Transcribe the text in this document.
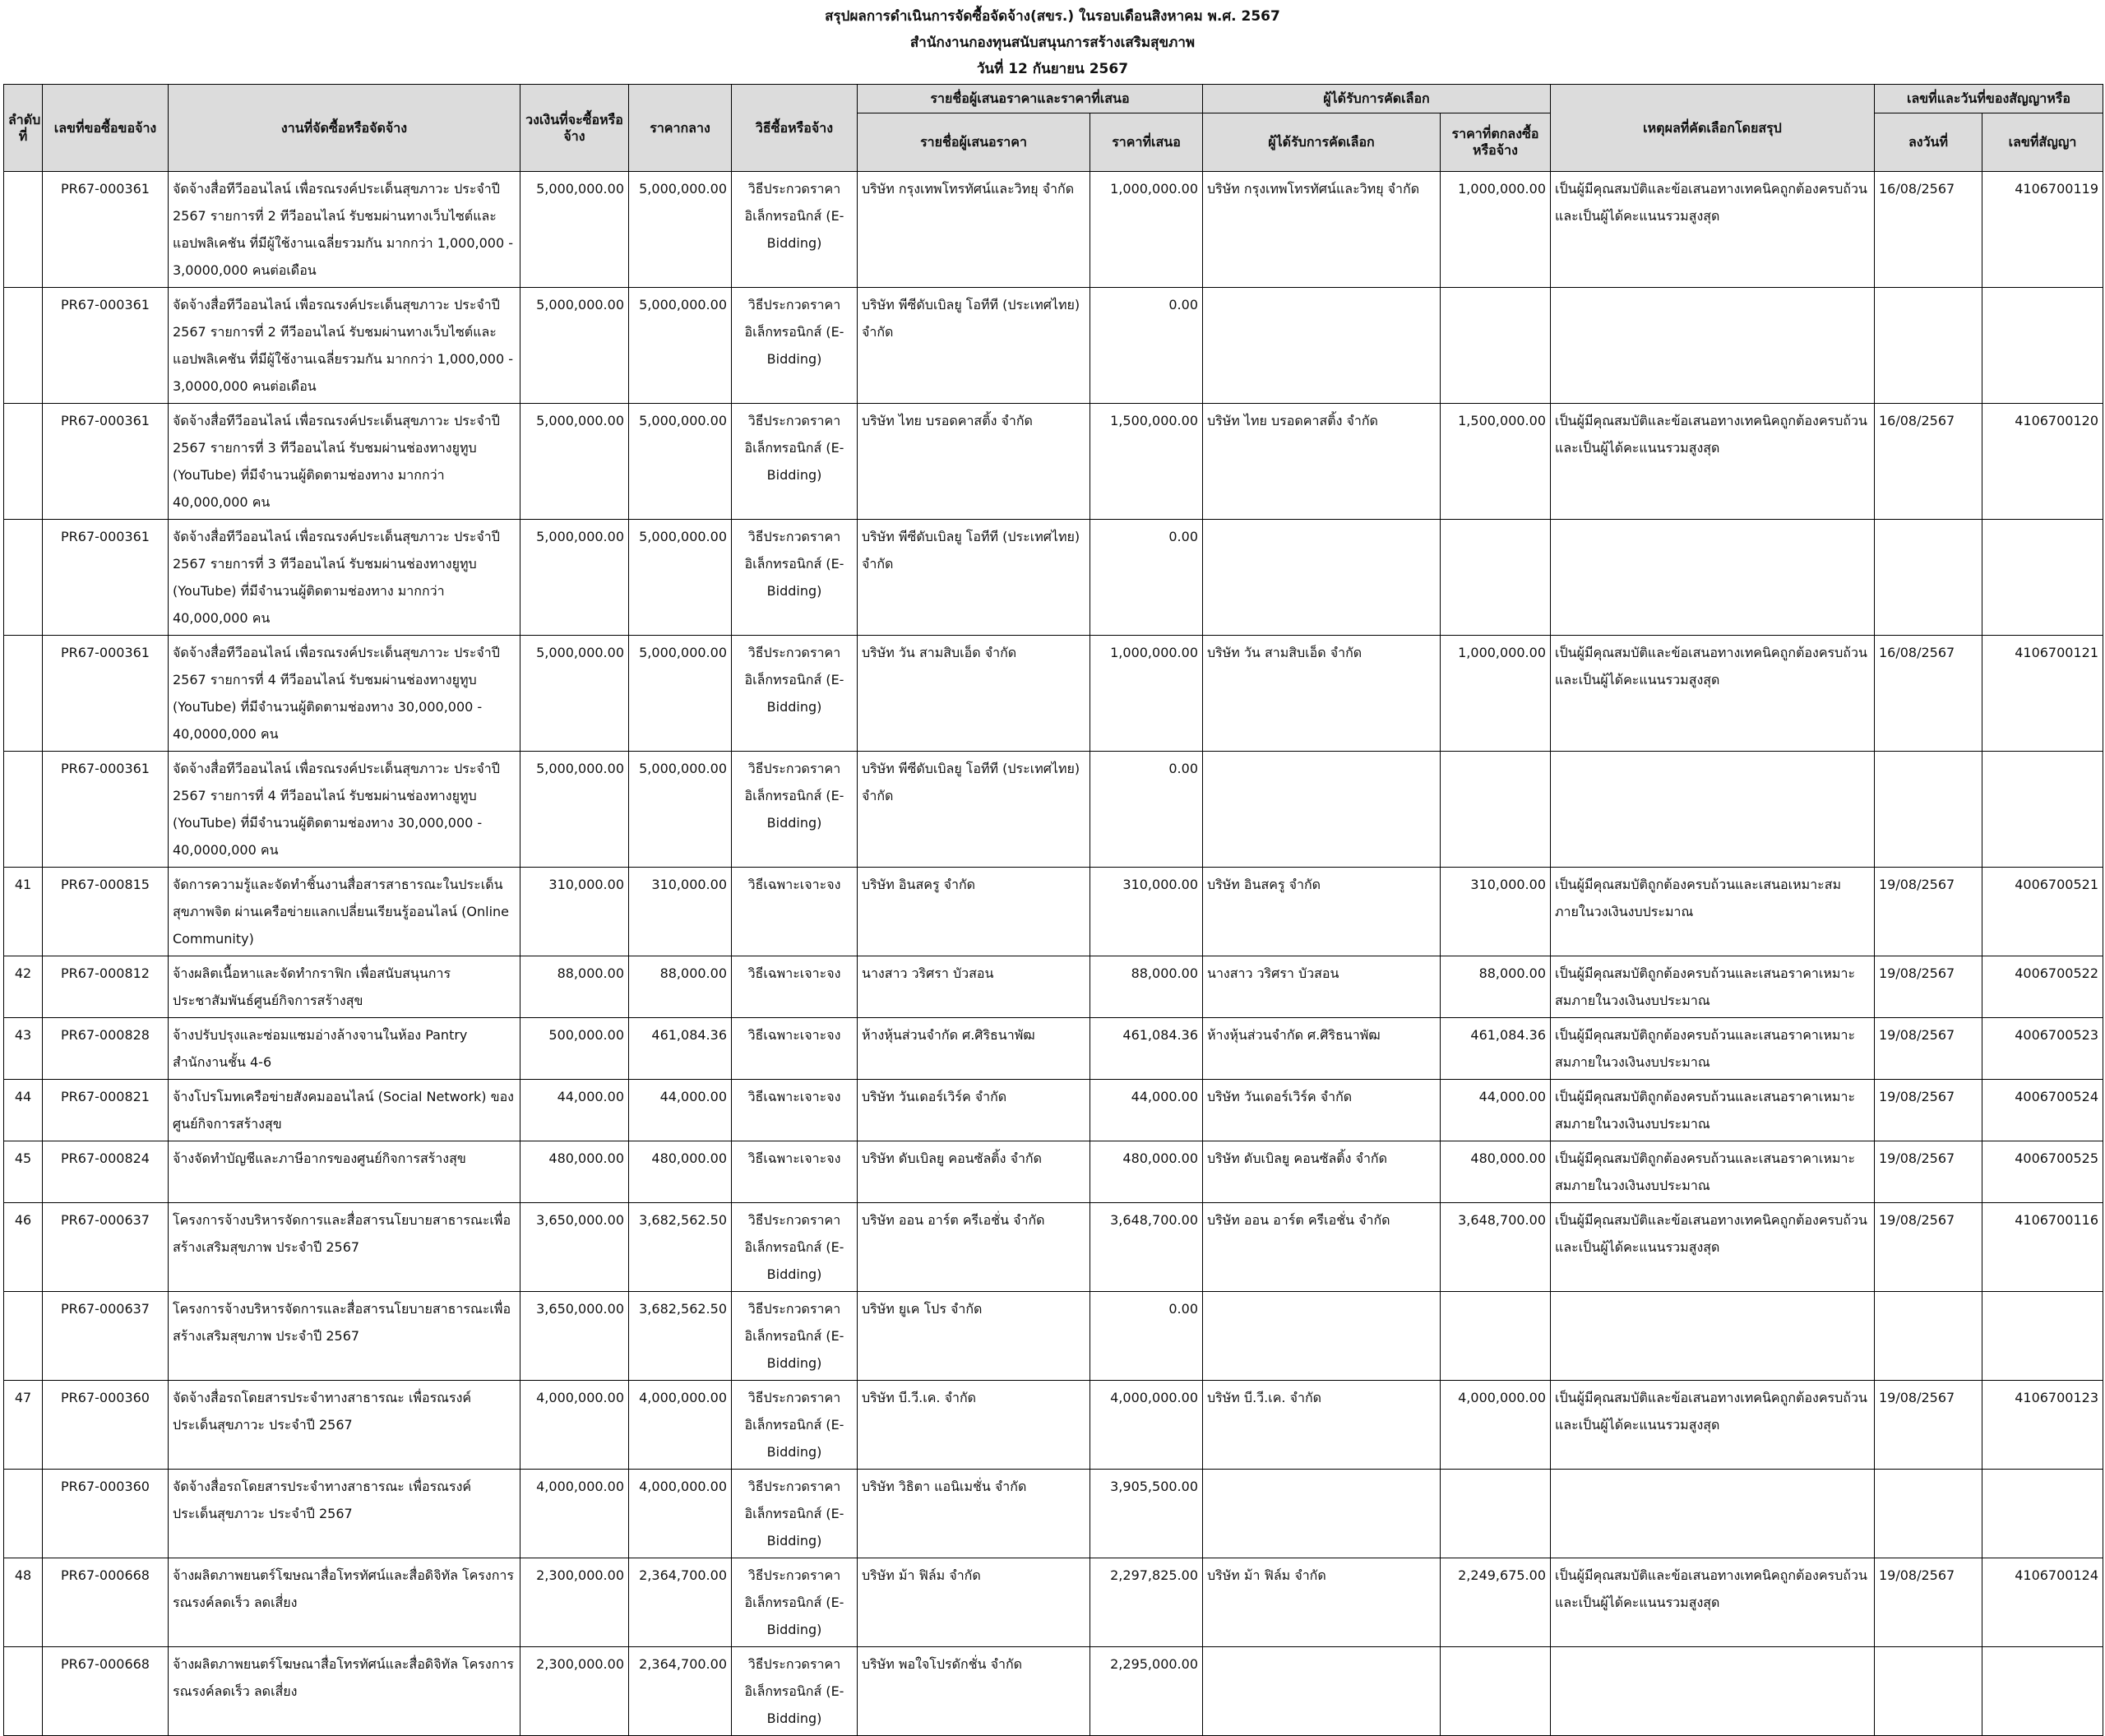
สรุปผลการดำเนินการจัดซื้อจัดจ้าง(สขร.) ในรอบเดือนสิงหาคม พ.ศ. 2567
สำนักงานกองทุนสนับสนุนการสร้างเสริมสุขภาพ
วันที่ 12 กันยายน 2567
ลำดับที่	เลขที่ขอซื้อขอจ้าง	งานที่จัดซื้อหรือจัดจ้าง	วงเงินที่จะซื้อหรือจ้าง	ราคากลาง	วิธีซื้อหรือจ้าง	รายชื่อผู้เสนอราคาและราคาที่เสนอ		ผู้ได้รับการคัดเลือก		เหตุผลที่คัดเลือกโดยสรุป	เลขที่และวันที่ของสัญญาหรือ	
						รายชื่อผู้เสนอราคา	ราคาที่เสนอ	ผู้ได้รับการคัดเลือก	ราคาที่ตกลงซื้อหรือจ้าง		ลงวันที่	เลขที่สัญญา
	PR67-000361	จัดจ้างสื่อทีวีออนไลน์ เพื่อรณรงค์ประเด็นสุขภาวะ ประจำปี 2567 รายการที่ 2 ทีวีออนไลน์ รับชมผ่านทางเว็บไซต์และแอปพลิเคชัน ที่มีผู้ใช้งานเฉลี่ยรวมกัน มากกว่า 1,000,000 - 3,0000,000 คนต่อเดือน	5,000,000.00	5,000,000.00	วิธีประกวดราคาอิเล็กทรอนิกส์ (E-Bidding)	บริษัท กรุงเทพโทรทัศน์และวิทยุ จำกัด	1,000,000.00	บริษัท กรุงเทพโทรทัศน์และวิทยุ จำกัด	1,000,000.00	เป็นผู้มีคุณสมบัติและข้อเสนอทางเทคนิคถูกต้องครบถ้วนและเป็นผู้ได้คะแนนรวมสูงสุด	16/08/2567	4106700119
	PR67-000361	จัดจ้างสื่อทีวีออนไลน์ เพื่อรณรงค์ประเด็นสุขภาวะ ประจำปี 2567 รายการที่ 2 ทีวีออนไลน์ รับชมผ่านทางเว็บไซต์และแอปพลิเคชัน ที่มีผู้ใช้งานเฉลี่ยรวมกัน มากกว่า 1,000,000 - 3,0000,000 คนต่อเดือน	5,000,000.00	5,000,000.00	วิธีประกวดราคาอิเล็กทรอนิกส์ (E-Bidding)	บริษัท พีซีดับเบิลยู โอทีที (ประเทศไทย) จำกัด	0.00					
	PR67-000361	จัดจ้างสื่อทีวีออนไลน์ เพื่อรณรงค์ประเด็นสุขภาวะ ประจำปี 2567 รายการที่ 3 ทีวีออนไลน์ รับชมผ่านช่องทางยูทูบ (YouTube) ที่มีจำนวนผู้ติดตามช่องทาง มากกว่า 40,000,000 คน	5,000,000.00	5,000,000.00	วิธีประกวดราคาอิเล็กทรอนิกส์ (E-Bidding)	บริษัท ไทย บรอดคาสติ้ง จำกัด	1,500,000.00	บริษัท ไทย บรอดคาสติ้ง จำกัด	1,500,000.00	เป็นผู้มีคุณสมบัติและข้อเสนอทางเทคนิคถูกต้องครบถ้วนและเป็นผู้ได้คะแนนรวมสูงสุด	16/08/2567	4106700120
	PR67-000361	จัดจ้างสื่อทีวีออนไลน์ เพื่อรณรงค์ประเด็นสุขภาวะ ประจำปี 2567 รายการที่ 3 ทีวีออนไลน์ รับชมผ่านช่องทางยูทูบ (YouTube) ที่มีจำนวนผู้ติดตามช่องทาง มากกว่า 40,000,000 คน	5,000,000.00	5,000,000.00	วิธีประกวดราคาอิเล็กทรอนิกส์ (E-Bidding)	บริษัท พีซีดับเบิลยู โอทีที (ประเทศไทย) จำกัด	0.00					
	PR67-000361	จัดจ้างสื่อทีวีออนไลน์ เพื่อรณรงค์ประเด็นสุขภาวะ ประจำปี 2567 รายการที่ 4 ทีวีออนไลน์ รับชมผ่านช่องทางยูทูบ (YouTube) ที่มีจำนวนผู้ติดตามช่องทาง 30,000,000 - 40,0000,000 คน	5,000,000.00	5,000,000.00	วิธีประกวดราคาอิเล็กทรอนิกส์ (E-Bidding)	บริษัท วัน สามสิบเอ็ด จำกัด	1,000,000.00	บริษัท วัน สามสิบเอ็ด จำกัด	1,000,000.00	เป็นผู้มีคุณสมบัติและข้อเสนอทางเทคนิคถูกต้องครบถ้วนและเป็นผู้ได้คะแนนรวมสูงสุด	16/08/2567	4106700121
	PR67-000361	จัดจ้างสื่อทีวีออนไลน์ เพื่อรณรงค์ประเด็นสุขภาวะ ประจำปี 2567 รายการที่ 4 ทีวีออนไลน์ รับชมผ่านช่องทางยูทูบ (YouTube) ที่มีจำนวนผู้ติดตามช่องทาง 30,000,000 - 40,0000,000 คน	5,000,000.00	5,000,000.00	วิธีประกวดราคาอิเล็กทรอนิกส์ (E-Bidding)	บริษัท พีซีดับเบิลยู โอทีที (ประเทศไทย) จำกัด	0.00					
41	PR67-000815	จัดการความรู้และจัดทำชิ้นงานสื่อสารสาธารณะในประเด็นสุขภาพจิต ผ่านเครือข่ายแลกเปลี่ยนเรียนรู้ออนไลน์ (Online Community)	310,000.00	310,000.00	วิธีเฉพาะเจาะจง	บริษัท อินสครู จำกัด	310,000.00	บริษัท อินสครู จำกัด	310,000.00	เป็นผู้มีคุณสมบัติถูกต้องครบถ้วนและเสนอเหมาะสมภายในวงเงินงบประมาณ	19/08/2567	4006700521
42	PR67-000812	จ้างผลิตเนื้อหาและจัดทำกราฟิก เพื่อสนับสนุนการประชาสัมพันธ์ศูนย์กิจการสร้างสุข	88,000.00	88,000.00	วิธีเฉพาะเจาะจง	นางสาว วริศรา บัวสอน	88,000.00	นางสาว วริศรา บัวสอน	88,000.00	เป็นผู้มีคุณสมบัติถูกต้องครบถ้วนและเสนอราคาเหมาะสมภายในวงเงินงบประมาณ	19/08/2567	4006700522
43	PR67-000828	จ้างปรับปรุงและซ่อมแซมอ่างล้างจานในห้อง Pantry สำนักงานชั้น 4-6	500,000.00	461,084.36	วิธีเฉพาะเจาะจง	ห้างหุ้นส่วนจำกัด ศ.ศิริธนาพัฒ	461,084.36	ห้างหุ้นส่วนจำกัด ศ.ศิริธนาพัฒ	461,084.36	เป็นผู้มีคุณสมบัติถูกต้องครบถ้วนและเสนอราคาเหมาะสมภายในวงเงินงบประมาณ	19/08/2567	4006700523
44	PR67-000821	จ้างโปรโมทเครือข่ายสังคมออนไลน์ (Social Network) ของศูนย์กิจการสร้างสุข	44,000.00	44,000.00	วิธีเฉพาะเจาะจง	บริษัท วันเดอร์เวิร์ค จำกัด	44,000.00	บริษัท วันเดอร์เวิร์ค จำกัด	44,000.00	เป็นผู้มีคุณสมบัติถูกต้องครบถ้วนและเสนอราคาเหมาะสมภายในวงเงินงบประมาณ	19/08/2567	4006700524
45	PR67-000824	จ้างจัดทำบัญชีและภาษีอากรของศูนย์กิจการสร้างสุข	480,000.00	480,000.00	วิธีเฉพาะเจาะจง	บริษัท ดับเบิลยู คอนซัลติ้ง จำกัด	480,000.00	บริษัท ดับเบิลยู คอนซัลติ้ง จำกัด	480,000.00	เป็นผู้มีคุณสมบัติถูกต้องครบถ้วนและเสนอราคาเหมาะสมภายในวงเงินงบประมาณ	19/08/2567	4006700525
46	PR67-000637	โครงการจ้างบริหารจัดการและสื่อสารนโยบายสาธารณะเพื่อสร้างเสริมสุขภาพ ประจำปี 2567	3,650,000.00	3,682,562.50	วิธีประกวดราคาอิเล็กทรอนิกส์ (E-Bidding)	บริษัท ออน อาร์ต ครีเอชั่น จำกัด	3,648,700.00	บริษัท ออน อาร์ต ครีเอชั่น จำกัด	3,648,700.00	เป็นผู้มีคุณสมบัติและข้อเสนอทางเทคนิคถูกต้องครบถ้วนและเป็นผู้ได้คะแนนรวมสูงสุด	19/08/2567	4106700116
	PR67-000637	โครงการจ้างบริหารจัดการและสื่อสารนโยบายสาธารณะเพื่อสร้างเสริมสุขภาพ ประจำปี 2567	3,650,000.00	3,682,562.50	วิธีประกวดราคาอิเล็กทรอนิกส์ (E-Bidding)	บริษัท ยูเค โปร จำกัด	0.00					
47	PR67-000360	จัดจ้างสื่อรถโดยสารประจำทางสาธารณะ เพื่อรณรงค์ประเด็นสุขภาวะ ประจำปี 2567	4,000,000.00	4,000,000.00	วิธีประกวดราคาอิเล็กทรอนิกส์ (E-Bidding)	บริษัท บี.วี.เค. จำกัด	4,000,000.00	บริษัท บี.วี.เค. จำกัด	4,000,000.00	เป็นผู้มีคุณสมบัติและข้อเสนอทางเทคนิคถูกต้องครบถ้วนและเป็นผู้ได้คะแนนรวมสูงสุด	19/08/2567	4106700123
	PR67-000360	จัดจ้างสื่อรถโดยสารประจำทางสาธารณะ เพื่อรณรงค์ประเด็นสุขภาวะ ประจำปี 2567	4,000,000.00	4,000,000.00	วิธีประกวดราคาอิเล็กทรอนิกส์ (E-Bidding)	บริษัท วิธิตา แอนิเมชั่น จำกัด	3,905,500.00					
48	PR67-000668	จ้างผลิตภาพยนตร์โฆษณาสื่อโทรทัศน์และสื่อดิจิทัล โครงการรณรงค์ลดเร็ว ลดเสี่ยง	2,300,000.00	2,364,700.00	วิธีประกวดราคาอิเล็กทรอนิกส์ (E-Bidding)	บริษัท ม้า ฟิล์ม จำกัด	2,297,825.00	บริษัท ม้า ฟิล์ม จำกัด	2,249,675.00	เป็นผู้มีคุณสมบัติและข้อเสนอทางเทคนิคถูกต้องครบถ้วนและเป็นผู้ได้คะแนนรวมสูงสุด	19/08/2567	4106700124
	PR67-000668	จ้างผลิตภาพยนตร์โฆษณาสื่อโทรทัศน์และสื่อดิจิทัล โครงการรณรงค์ลดเร็ว ลดเสี่ยง	2,300,000.00	2,364,700.00	วิธีประกวดราคาอิเล็กทรอนิกส์ (E-Bidding)	บริษัท พอใจโปรดักชั่น จำกัด	2,295,000.00					
